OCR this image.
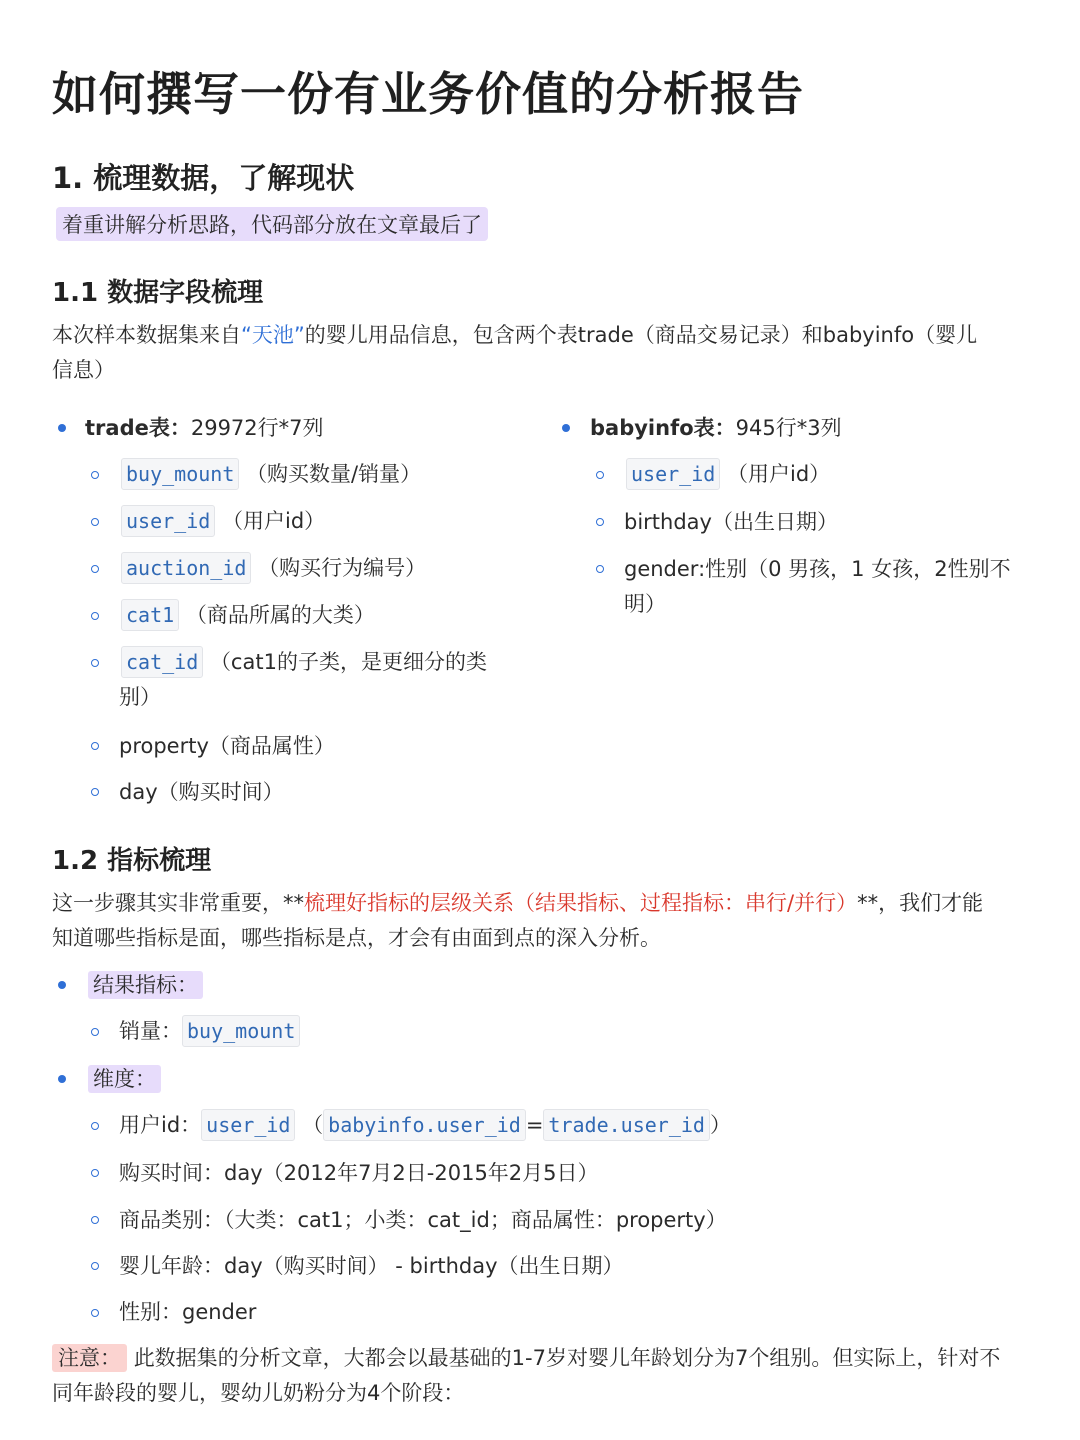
如何撰写一份有业务价值的分析报告
1. 梳理数据，了解现状
着重讲解分析思路，代码部分放在文章最后了
1.1 数据字段梳理

本次样本数据集来自“天池”的婴儿用品信息，包含两个表trade（商品交易记录）和babyinfo（婴儿
信息）

trade表：29972行*7列
buy_mount （购买数量/销量）
user_id （用户id）
auction_id （购买行为编号）
cat1 （商品所属的大类）
cat_id （cat1的子类，是更细分的类
别）
property（商品属性）
day（购买时间）
babyinfo表：945行*3列
user_id （用户id）
birthday（出生日期）
gender:性别（0 男孩，1 女孩，2性别不
明）
1.2 指标梳理

这一步骤其实非常重要，**梳理好指标的层级关系（结果指标、过程指标：串行/并行）**，我们才能
知道哪些指标是面，哪些指标是点，才会有由面到点的深入分析。

结果指标：
销量： buy_mount
维度：
用户id： user_id （ babyinfo.user_id = trade.user_id ）
购买时间：day（2012年7月2日-2015年2月5日）
商品类别：（大类：cat1；小类：cat_id；商品属性：property）
婴儿年龄：day（购买时间） - birthday（出生日期）
性别：gender

注意： 此数据集的分析文章，大都会以最基础的1-7岁对婴儿年龄划分为7个组别。但实际上，针对不
同年龄段的婴儿，婴幼儿奶粉分为4个阶段：
